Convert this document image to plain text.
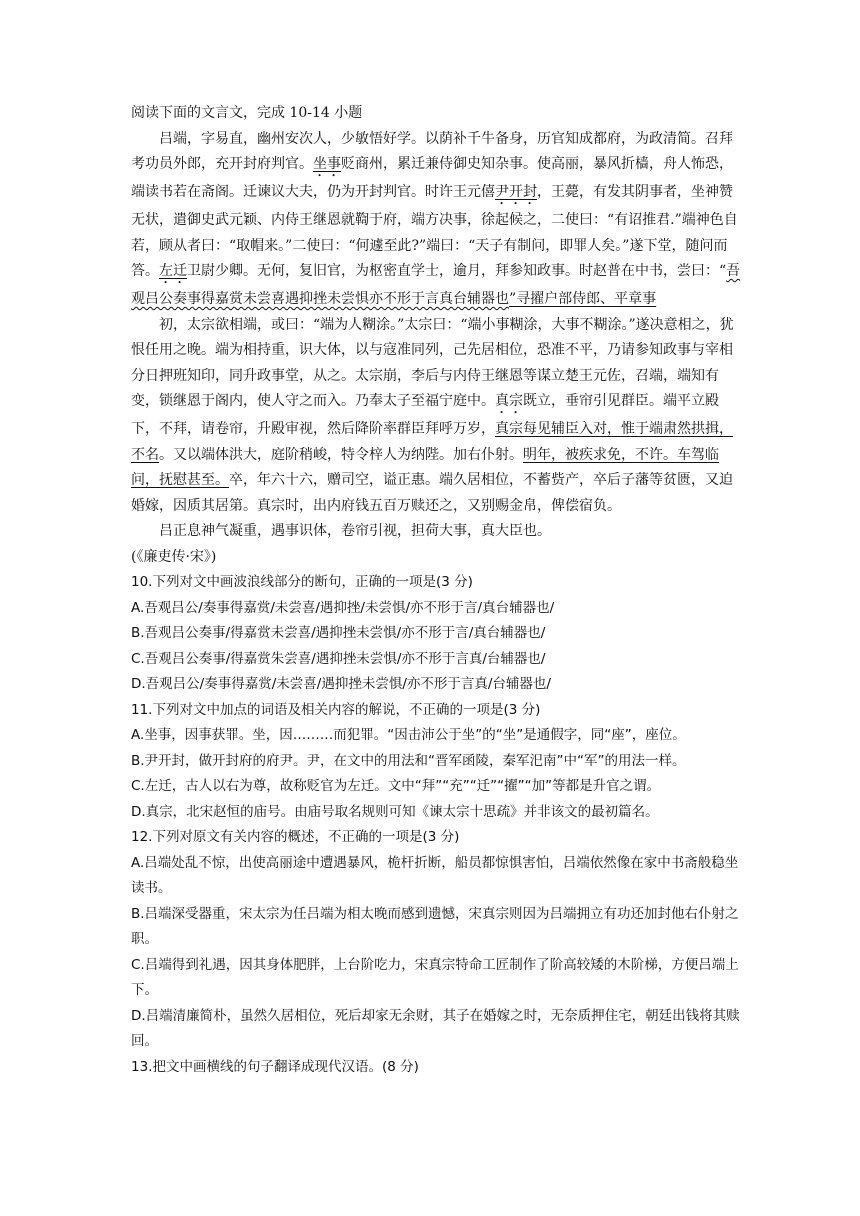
阅读下面的文言文，完成 10-14 小题

吕端，字易直，幽州安次人，少敏悟好学。以荫补千牛备身，历官知成都府，为政清简。召拜考功员外郎，充开封府判官。坐事贬商州，累迁兼侍御史知杂事。使高丽，暴风折樯，舟人怖恐，端读书若在斋阁。迁谏议大夫，仍为开封判官。时许王元僖尹开封，王薨，有发其阴事者，坐神赞无状，遣御史武元颖、内侍王继恩就鞫于府，端方决事，徐起候之，二使曰：“有诏推君.”端神色自若，顾从者曰：“取帽来。”二使曰：“何遽至此?”端曰：“天子有制问，即罪人矣。”遂下堂，随问而答。左迁卫尉少卿。无何，复旧官，为枢密直学士，逾月，拜参知政事。时赵普在中书，尝曰：“吾观吕公奏事得嘉赏未尝喜遇抑挫未尝惧亦不形于言真台辅器也”寻擢户部侍郎、平章事

初，太宗欲相端，或曰：“端为人糊涂。”太宗曰：“端小事糊涂，大事不糊涂。”遂决意相之，犹恨任用之晚。端为相持重，识大体，以与寇准同列，己先居相位，恐准不平，乃请参知政事与宰相分日押班知印，同升政事堂，从之。太宗崩，李后与内侍王继恩等谋立楚王元佐，召端，端知有变，锁继恩于阁内，使人守之而入。乃奉太子至福宁庭中。真宗既立，垂帘引见群臣。端平立殿下，不拜，请卷帘，升殿审视，然后降阶率群臣拜呼万岁，真宗每见辅臣入对，惟于端肃然拱揖，不名。又以端体洪大，庭阶稍峻，特令梓人为纳陛。加右仆射。明年，被疾求免，不许。车驾临问，抚慰甚至。卒，年六十六，赠司空，谥正惠。端久居相位，不蓄赀产，卒后子藩等贫匮，又迫婚嫁，因质其居第。真宗时，出内府钱五百万赎还之，又别赐金帛，俾偿宿负。

吕正息神气凝重，遇事识体，卷帘引视，担荷大事，真大臣也。

(《廉吏传·宋》)

10.下列对文中画波浪线部分的断句，正确的一项是(3 分)

A.吾观吕公/奏事得嘉赏/未尝喜/遇抑挫/未尝惧/亦不形于言/真台辅器也/

B.吾观吕公奏事/得嘉赏未尝喜/遇抑挫未尝惧/亦不形于言/真台辅器也/

C.吾观吕公奏事/得嘉赏朱尝喜/遇抑挫未尝惧/亦不形于言真/台辅器也/

D.吾观吕公/奏事得嘉赏/未尝喜/遇抑挫未尝惧/亦不形于言真/台辅器也/

11.下列对文中加点的词语及相关内容的解说，不正确的一项是(3 分)

A.坐事，因事获罪。坐，因………而犯罪。“因击沛公于坐”的“坐”是通假字，同“座”，座位。

B.尹开封，做开封府的府尹。尹，在文中的用法和“晋军函陵，秦军汜南”中“军”的用法一样。

C.左迁，古人以右为尊，故称贬官为左迁。文中“拜”“充”“迁”“擢”“加”等都是升官之谓。

D.真宗，北宋赵恒的庙号。由庙号取名规则可知《谏太宗十思疏》并非该文的最初篇名。

12.下列对原文有关内容的概述，不正确的一项是(3 分)

A.吕端处乱不惊，出使高丽途中遭遇暴风，桅杆折断，船员都惊惧害怕，吕端依然像在家中书斋般稳坐读书。

B.吕端深受器重，宋太宗为任吕端为相太晚而感到遗憾，宋真宗则因为吕端拥立有功还加封他右仆射之职。

C.吕端得到礼遇，因其身体肥胖，上台阶吃力，宋真宗特命工匠制作了阶高较矮的木阶梯，方便吕端上下。

D.吕端清廉简朴，虽然久居相位，死后却家无余财，其子在婚嫁之时，无奈质押住宅，朝廷出钱将其赎回。

13.把文中画横线的句子翻译成现代汉语。(8 分)
